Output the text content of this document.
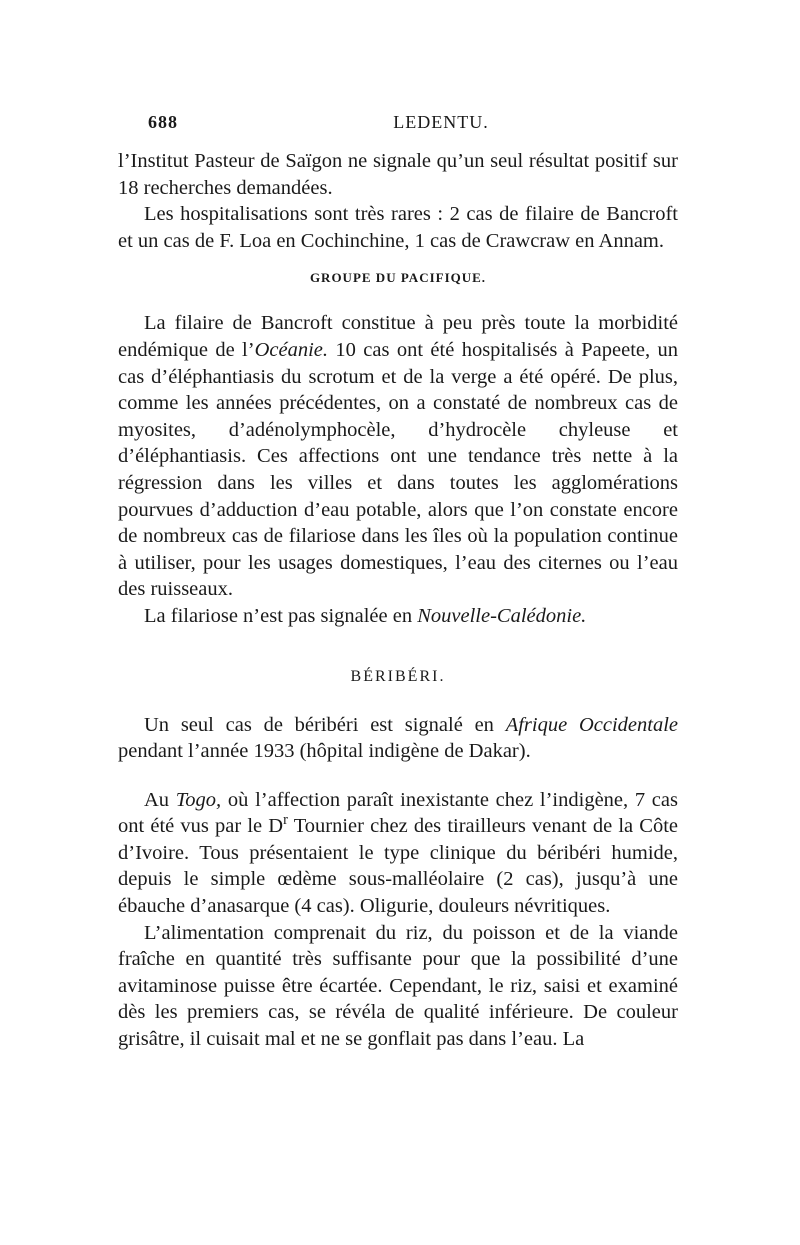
688	LEDENTU.

l’Institut Pasteur de Saïgon ne signale qu’un seul résultat positif sur 18 recherches demandées.

Les hospitalisations sont très rares : 2 cas de filaire de Bancroft et un cas de F. Loa en Cochinchine, 1 cas de Crawcraw en Annam.

GROUPE DU PACIFIQUE.

La filaire de Bancroft constitue à peu près toute la morbidité endémique de l’Océanie. 10 cas ont été hospitalisés à Papeete, un cas d’éléphantiasis du scrotum et de la verge a été opéré. De plus, comme les années précédentes, on a constaté de nombreux cas de myosites, d’adénolymphocèle, d’hydrocèle chyleuse et d’éléphantiasis. Ces affections ont une tendance très nette à la régression dans les villes et dans toutes les agglomérations pourvues d’adduction d’eau potable, alors que l’on constate encore de nombreux cas de filariose dans les îles où la population continue à utiliser, pour les usages domestiques, l’eau des citernes ou l’eau des ruisseaux.

La filariose n’est pas signalée en Nouvelle-Calédonie.

BÉRIBÉRI.

Un seul cas de béribéri est signalé en Afrique Occidentale pendant l’année 1933 (hôpital indigène de Dakar).

Au Togo, où l’affection paraît inexistante chez l’indigène, 7 cas ont été vus par le $D^r$ Tournier chez des tirailleurs venant de la Côte d’Ivoire. Tous présentaient le type clinique du béribéri humide, depuis le simple œdème sous-malléolaire (2 cas), jusqu’à une ébauche d’anasarque (4 cas). Oligurie, douleurs névritiques.

L’alimentation comprenait du riz, du poisson et de la viande fraîche en quantité très suffisante pour que la possibilité d’une avitaminose puisse être écartée. Cependant, le riz, saisi et examiné dès les premiers cas, se révéla de qualité inférieure. De couleur grisâtre, il cuisait mal et ne se gonflait pas dans l’eau. La
